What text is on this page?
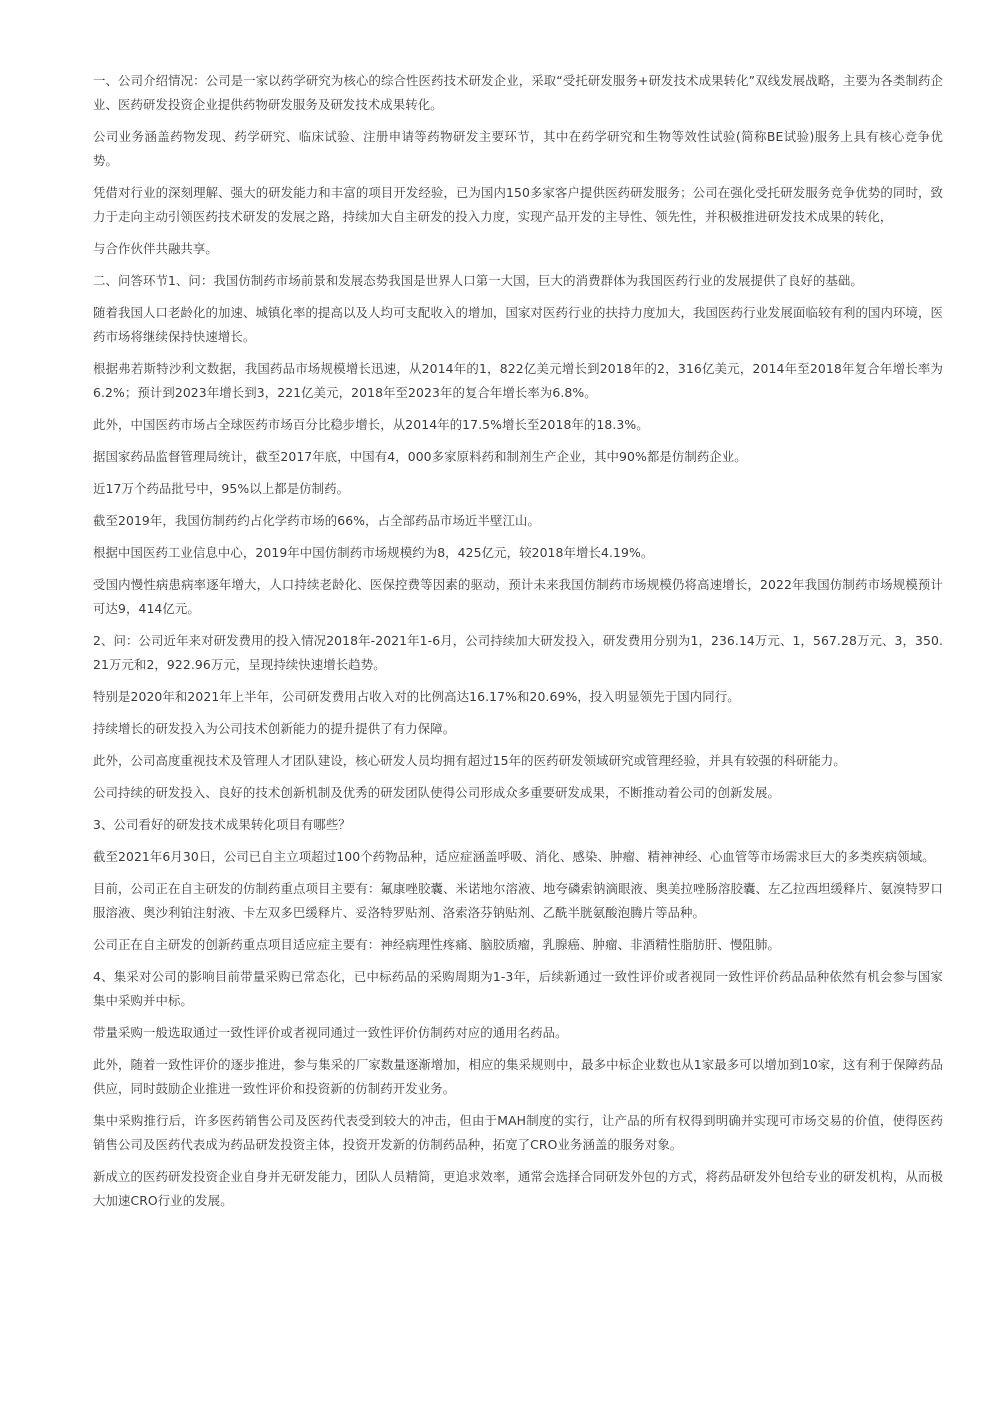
一、公司介绍情况：公司是一家以药学研究为核心的综合性医药技术研发企业，采取“受托研发服务+研发技术成果转化”双线发展战略，主要为各类制药企业、医药研发投资企业提供药物研发服务及研发技术成果转化。

公司业务涵盖药物发现、药学研究、临床试验、注册申请等药物研发主要环节，其中在药学研究和生物等效性试验(简称BE试验)服务上具有核心竞争优势。

凭借对行业的深刻理解、强大的研发能力和丰富的项目开发经验，已为国内150多家客户提供医药研发服务；公司在强化受托研发服务竞争优势的同时，致力于走向主动引领医药技术研发的发展之路，持续加大自主研发的投入力度，实现产品开发的主导性、领先性，并积极推进研发技术成果的转化，

与合作伙伴共融共享。

二、问答环节1、问：我国仿制药市场前景和发展态势我国是世界人口第一大国，巨大的消费群体为我国医药行业的发展提供了良好的基础。

随着我国人口老龄化的加速、城镇化率的提高以及人均可支配收入的增加，国家对医药行业的扶持力度加大，我国医药行业发展面临较有利的国内环境，医药市场将继续保持快速增长。

根据弗若斯特沙利文数据，我国药品市场规模增长迅速，从2014年的1，822亿美元增长到2018年的2，316亿美元，2014年至2018年复合年增长率为6.2%；预计到2023年增长到3，221亿美元，2018年至2023年的复合年增长率为6.8%。

此外，中国医药市场占全球医药市场百分比稳步增长，从2014年的17.5%增长至2018年的18.3%。

据国家药品监督管理局统计，截至2017年底，中国有4，000多家原料药和制剂生产企业，其中90%都是仿制药企业。

近17万个药品批号中，95%以上都是仿制药。

截至2019年，我国仿制药约占化学药市场的66%，占全部药品市场近半壁江山。

根据中国医药工业信息中心，2019年中国仿制药市场规模约为8，425亿元，较2018年增长4.19%。

受国内慢性病患病率逐年增大，人口持续老龄化、医保控费等因素的驱动，预计未来我国仿制药市场规模仍将高速增长，2022年我国仿制药市场规模预计可达9，414亿元。

2、问：公司近年来对研发费用的投入情况2018年-2021年1-6月，公司持续加大研发投入，研发费用分别为1，236.14万元、1，567.28万元、3，350.21万元和2，922.96万元，呈现持续快速增长趋势。

特别是2020年和2021年上半年，公司研发费用占收入对的比例高达16.17%和20.69%，投入明显领先于国内同行。

持续增长的研发投入为公司技术创新能力的提升提供了有力保障。

此外，公司高度重视技术及管理人才团队建设，核心研发人员均拥有超过15年的医药研发领域研究或管理经验，并具有较强的科研能力。

公司持续的研发投入、良好的技术创新机制及优秀的研发团队使得公司形成众多重要研发成果，不断推动着公司的创新发展。

3、公司看好的研发技术成果转化项目有哪些？

截至2021年6月30日，公司已自主立项超过100个药物品种，适应症涵盖呼吸、消化、感染、肿瘤、精神神经、心血管等市场需求巨大的多类疾病领域。

目前，公司正在自主研发的仿制药重点项目主要有：氟康唑胶囊、米诺地尔溶液、地夸磷索钠滴眼液、奥美拉唑肠溶胶囊、左乙拉西坦缓释片、氨溴特罗口服溶液、奥沙利铂注射液、卡左双多巴缓释片、妥洛特罗贴剂、洛索洛芬钠贴剂、乙酰半胱氨酸泡腾片等品种。

公司正在自主研发的创新药重点项目适应症主要有：神经病理性疼痛、脑胶质瘤，乳腺癌、肿瘤、非酒精性脂肪肝、慢阻肺。

4、集采对公司的影响目前带量采购已常态化，已中标药品的采购周期为1-3年，后续新通过一致性评价或者视同一致性评价药品品种依然有机会参与国家集中采购并中标。

带量采购一般选取通过一致性评价或者视同通过一致性评价仿制药对应的通用名药品。

此外，随着一致性评价的逐步推进，参与集采的厂家数量逐渐增加，相应的集采规则中，最多中标企业数也从1家最多可以增加到10家，这有利于保障药品供应，同时鼓励企业推进一致性评价和投资新的仿制药开发业务。

集中采购推行后，许多医药销售公司及医药代表受到较大的冲击，但由于MAH制度的实行，让产品的所有权得到明确并实现可市场交易的价值，使得医药销售公司及医药代表成为药品研发投资主体，投资开发新的仿制药品种，拓宽了CRO业务涵盖的服务对象。

新成立的医药研发投资企业自身并无研发能力，团队人员精简，更追求效率，通常会选择合同研发外包的方式，将药品研发外包给专业的研发机构，从而极大加速CRO行业的发展。
